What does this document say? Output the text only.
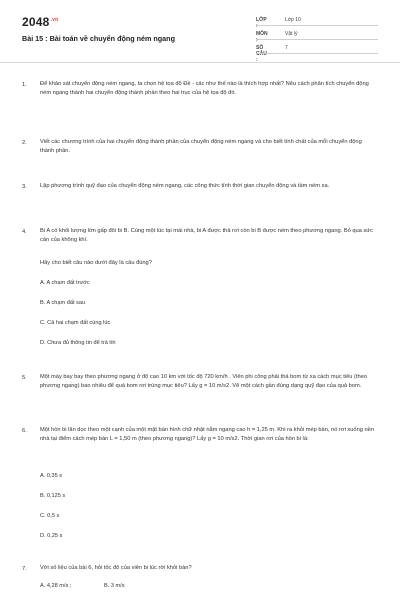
$2048^{.vn}$
Bài 15 : Bài toán về chuyển động ném ngang
LỚP :
Lớp 10
MÔN :
Vật lý
SỐ CÂU :
7
1. Để khảo sát chuyển động ném ngang, ta chọn hệ tọa độ Đề - các như thế nào là thích hợp nhất? Nêu cách phân tích chuyển động ném ngang thành hai chuyển động thành phần theo hai trục của hệ tọa độ đó.
2. Viết các chương trình của hai chuyển động thành phần của chuyển động ném ngang và cho biết tính chất của mỗi chuyển động thành phần.
3. Lập phương trình quỹ đạo của chuyển động ném ngang, các công thức tính thời gian chuyển động và tầm ném xa.
4. Bi A có khối lượng lớn gấp đôi bi B. Cùng một lúc tại mái nhà, bi A được thả rơi còn bi B được ném theo phương ngang. Bỏ qua sức cản của không khí.
Hãy cho biết câu nào dưới đây là câu đúng?
A. A chạm đất trước
B. A chạm đất sau
C. Cả hai chạm đất cùng lúc
D. Chưa đủ thông tin để trả lời
5. Một máy bay bay theo phương ngang ở độ cao 10 km với tốc độ 720 km/h . Viên phi công phải thả bom từ xa cách mục tiêu (theo phương ngang) bao nhiêu để quả bom rơi trúng mục tiêu? Lấy g = 10 m/s2. Vẽ một cách gần đúng dạng quỹ đạo của quả bom.
6. Một hòn bi lăn dọc theo một cạnh của một mặt bàn hình chữ nhật nằm ngang cao h = 1,25 m. Khi ra khỏi mép bàn, nó rơi xuống nền nhà tại điểm cách mép bàn L = 1,50 m (theo phương ngang)? Lấy g = 10 m/s2. Thời gian rơi của hòn bi là:
A. 0,35 s
B. 0,125 s
C. 0,5 s
D. 0,25 s
7. Với số liệu của bài 6, hỏi tốc độ của viên bi lúc rời khỏi bàn?
A. 4,28 m/s ;	B. 3 m/s
